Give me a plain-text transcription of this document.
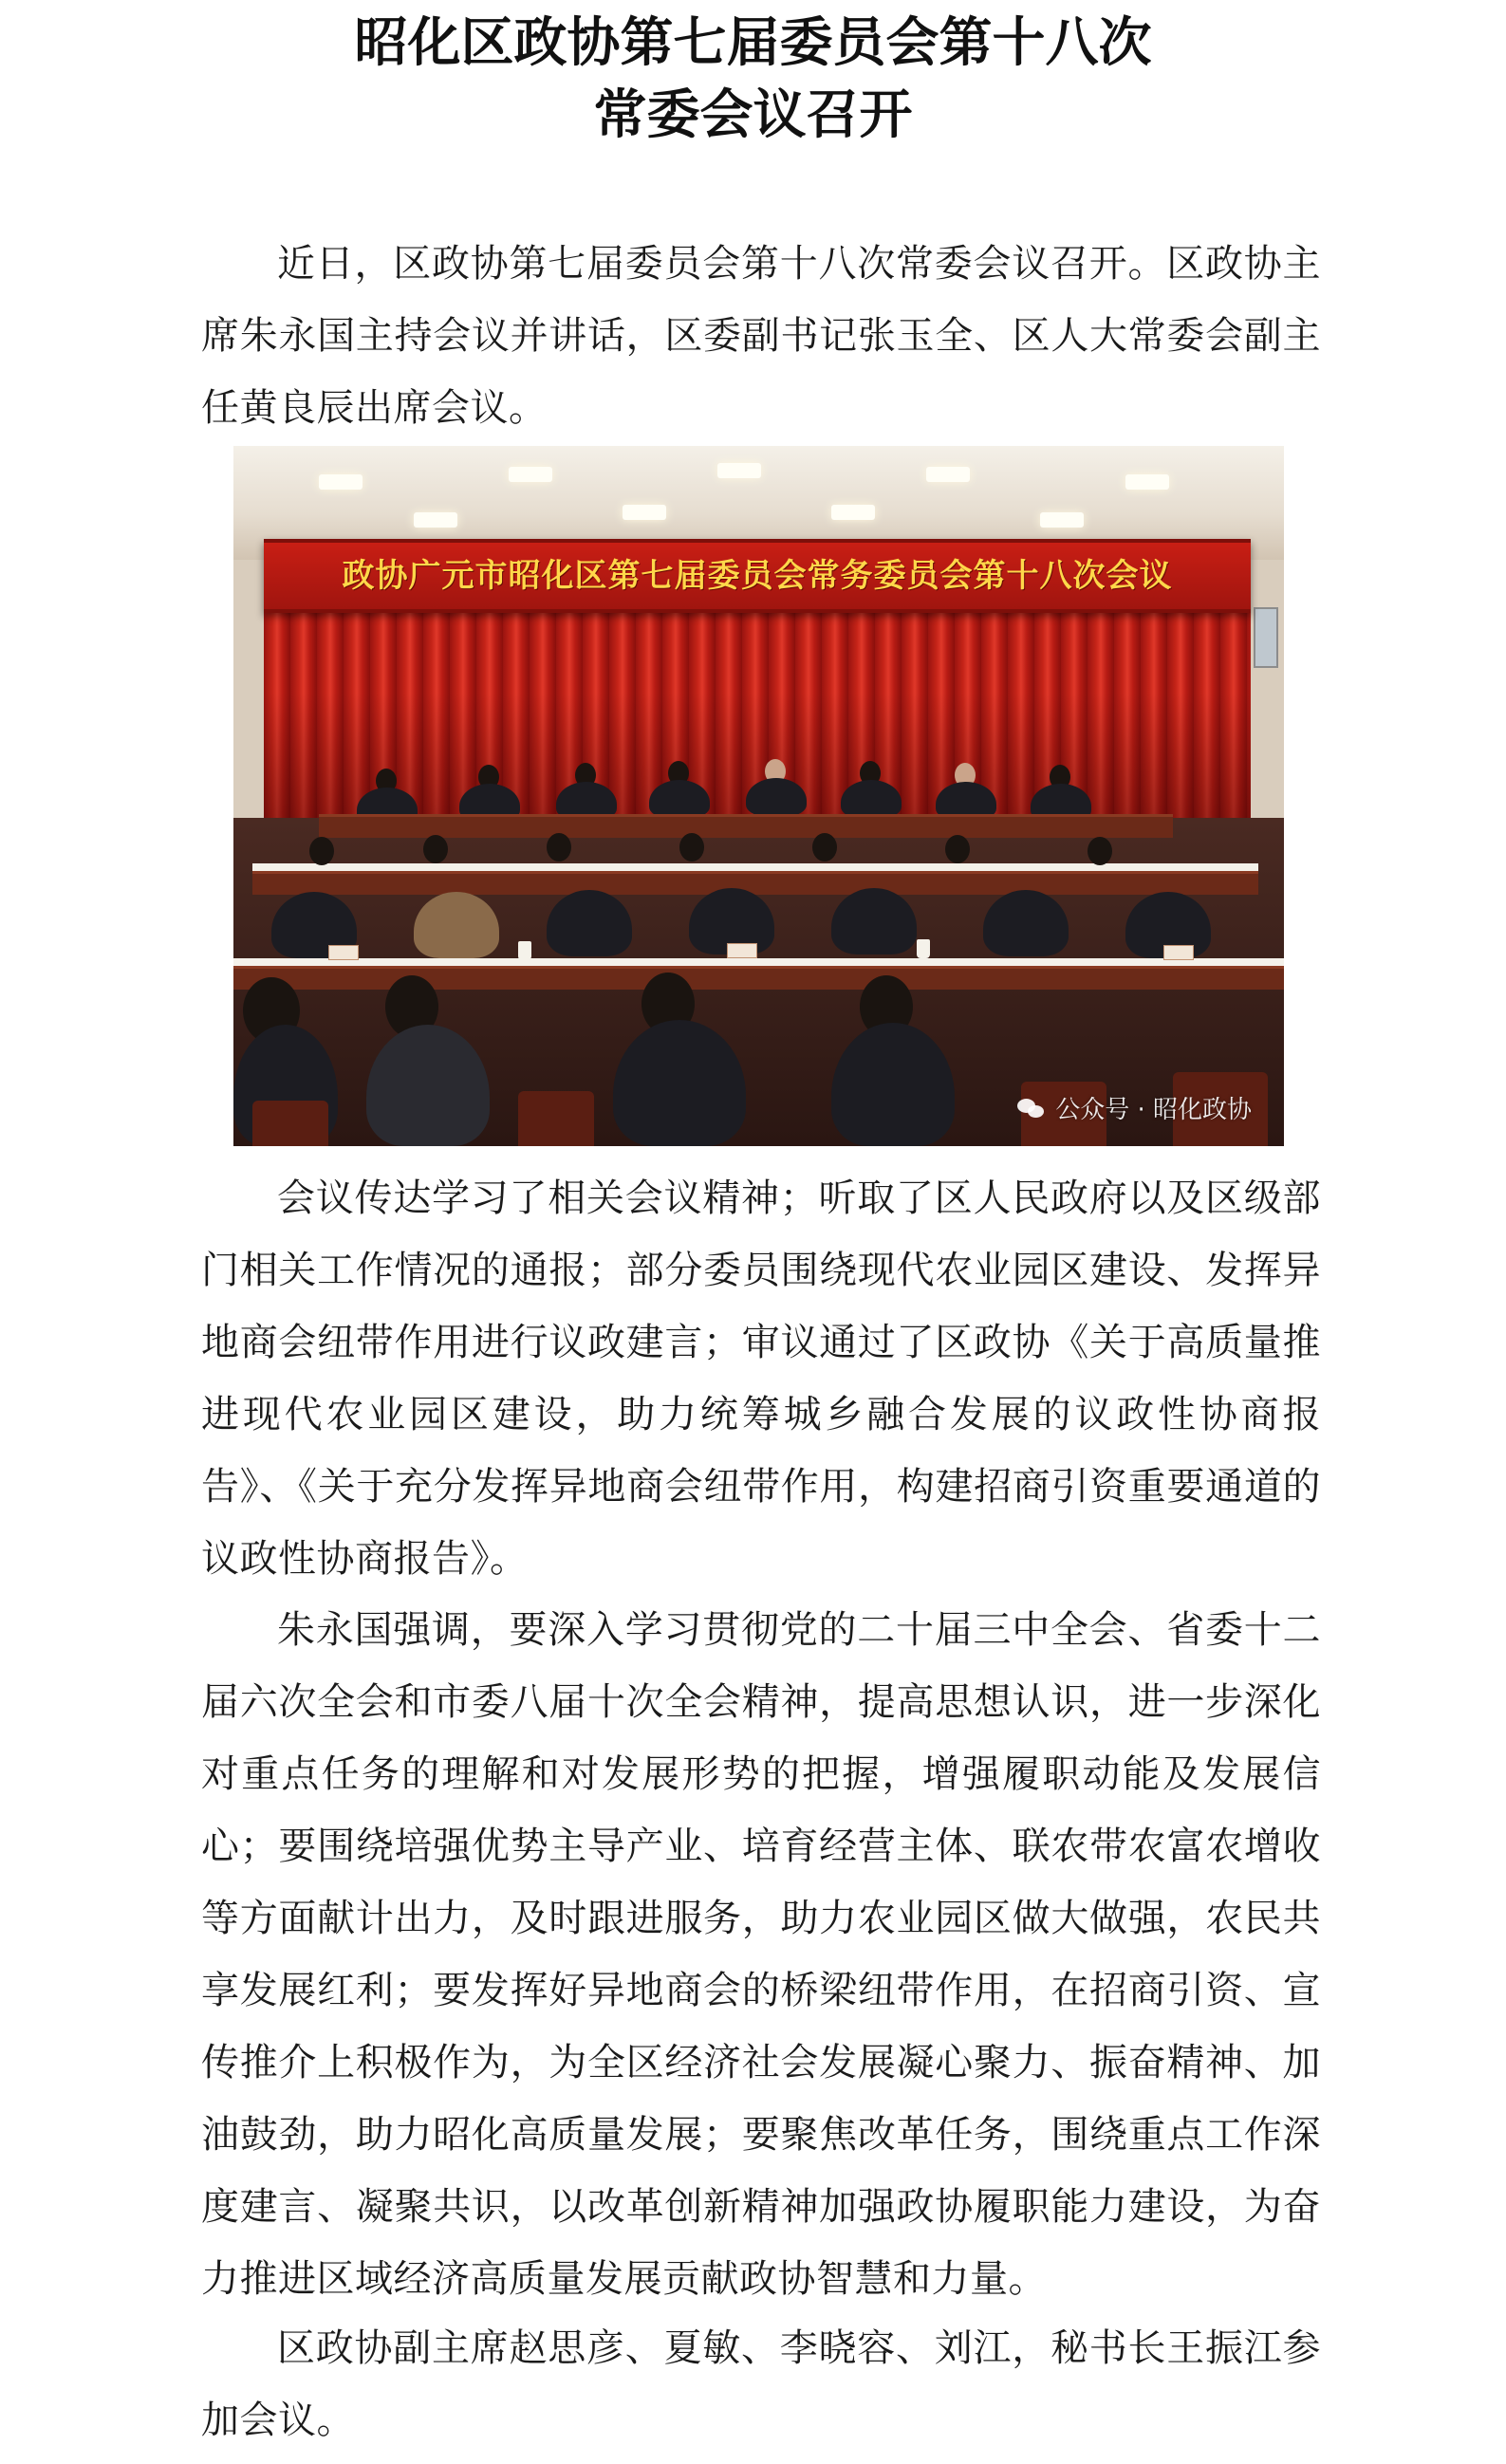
昭化区政协第七届委员会第十八次
常委会议召开

近日，区政协第七届委员会第十八次常委会议召开。区政协主席朱永国主持会议并讲话，区委副书记张玉全、区人大常委会副主任黄良辰出席会议。

政协广元市昭化区第七届委员会常务委员会第十八次会议
公众号 · 昭化政协

会议传达学习了相关会议精神；听取了区人民政府以及区级部门相关工作情况的通报；部分委员围绕现代农业园区建设、发挥异地商会纽带作用进行议政建言；审议通过了区政协《关于高质量推进现代农业园区建设，助力统筹城乡融合发展的议政性协商报告》、《关于充分发挥异地商会纽带作用，构建招商引资重要通道的议政性协商报告》。

朱永国强调，要深入学习贯彻党的二十届三中全会、省委十二届六次全会和市委八届十次全会精神，提高思想认识，进一步深化对重点任务的理解和对发展形势的把握，增强履职动能及发展信心；要围绕培强优势主导产业、培育经营主体、联农带农富农增收等方面献计出力，及时跟进服务，助力农业园区做大做强，农民共享发展红利；要发挥好异地商会的桥梁纽带作用，在招商引资、宣传推介上积极作为，为全区经济社会发展凝心聚力、振奋精神、加油鼓劲，助力昭化高质量发展；要聚焦改革任务，围绕重点工作深度建言、凝聚共识，以改革创新精神加强政协履职能力建设，为奋力推进区域经济高质量发展贡献政协智慧和力量。

区政协副主席赵思彦、夏敏、李晓容、刘江，秘书长王振江参加会议。
